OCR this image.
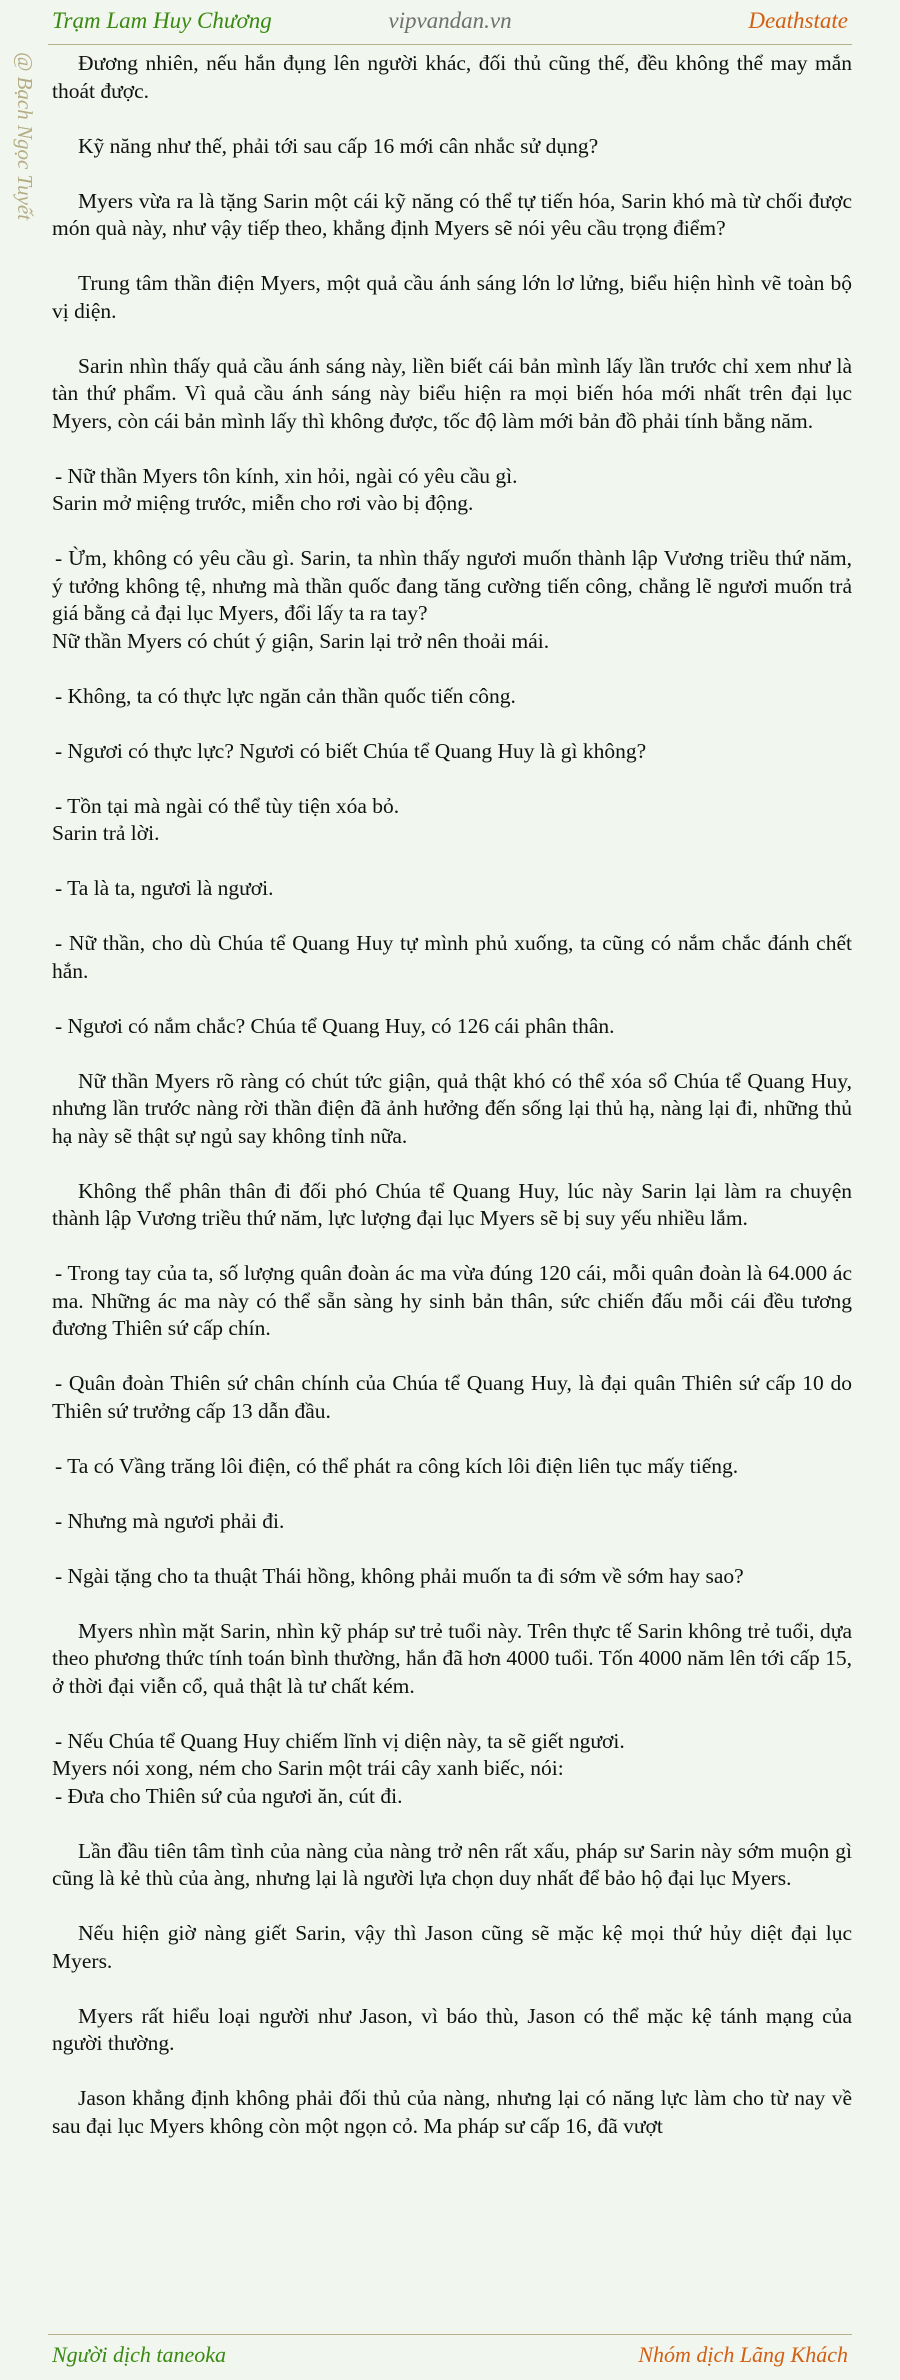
Trạm Lam Huy Chương	vipvandan.vn	Deathstate
@ Bạch Ngọc Tuyết	Đương nhiên, nếu hắn đụng lên người khác, đối thủ cũng thế, đều không thể may mắn thoát được.

Kỹ năng như thế, phải tới sau cấp 16 mới cân nhắc sử dụng?

Myers vừa ra là tặng Sarin một cái kỹ năng có thể tự tiến hóa, Sarin khó mà từ chối được món quà này, như vậy tiếp theo, khẳng định Myers sẽ nói yêu cầu trọng điểm?

Trung tâm thần điện Myers, một quả cầu ánh sáng lớn lơ lửng, biểu hiện hình vẽ toàn bộ vị diện.

Sarin nhìn thấy quả cầu ánh sáng này, liền biết cái bản mình lấy lần trước chỉ xem như là tàn thứ phẩm. Vì quả cầu ánh sáng này biểu hiện ra mọi biến hóa mới nhất trên đại lục Myers, còn cái bản mình lấy thì không được, tốc độ làm mới bản đồ phải tính bằng năm.

- Nữ thần Myers tôn kính, xin hỏi, ngài có yêu cầu gì.

Sarin mở miệng trước, miễn cho rơi vào bị động.

- Ừm, không có yêu cầu gì. Sarin, ta nhìn thấy ngươi muốn thành lập Vương triều thứ năm, ý tưởng không tệ, nhưng mà thần quốc đang tăng cường tiến công, chẳng lẽ ngươi muốn trả giá bằng cả đại lục Myers, đổi lấy ta ra tay?

Nữ thần Myers có chút ý giận, Sarin lại trở nên thoải mái.

- Không, ta có thực lực ngăn cản thần quốc tiến công.

- Ngươi có thực lực? Ngươi có biết Chúa tể Quang Huy là gì không?

- Tồn tại mà ngài có thể tùy tiện xóa bỏ.

Sarin trả lời.

- Ta là ta, ngươi là ngươi.

- Nữ thần, cho dù Chúa tể Quang Huy tự mình phủ xuống, ta cũng có nắm chắc đánh chết hắn.

- Ngươi có nắm chắc? Chúa tể Quang Huy, có 126 cái phân thân.

Nữ thần Myers rõ ràng có chút tức giận, quả thật khó có thể xóa sổ Chúa tể Quang Huy, nhưng lần trước nàng rời thần điện đã ảnh hưởng đến sống lại thủ hạ, nàng lại đi, những thủ hạ này sẽ thật sự ngủ say không tỉnh nữa.

Không thể phân thân đi đối phó Chúa tể Quang Huy, lúc này Sarin lại làm ra chuyện thành lập Vương triều thứ năm, lực lượng đại lục Myers sẽ bị suy yếu nhiều lắm.

- Trong tay của ta, số lượng quân đoàn ác ma vừa đúng 120 cái, mỗi quân đoàn là 64.000 ác ma. Những ác ma này có thể sẵn sàng hy sinh bản thân, sức chiến đấu mỗi cái đều tương đương Thiên sứ cấp chín.

- Quân đoàn Thiên sứ chân chính của Chúa tể Quang Huy, là đại quân Thiên sứ cấp 10 do Thiên sứ trưởng cấp 13 dẫn đầu.

- Ta có Vầng trăng lôi điện, có thể phát ra công kích lôi điện liên tục mấy tiếng.

- Nhưng mà ngươi phải đi.

- Ngài tặng cho ta thuật Thái hồng, không phải muốn ta đi sớm về sớm hay sao?

Myers nhìn mặt Sarin, nhìn kỹ pháp sư trẻ tuổi này. Trên thực tế Sarin không trẻ tuổi, dựa theo phương thức tính toán bình thường, hắn đã hơn 4000 tuổi. Tốn 4000 năm lên tới cấp 15, ở thời đại viễn cổ, quả thật là tư chất kém.

- Nếu Chúa tể Quang Huy chiếm lĩnh vị diện này, ta sẽ giết ngươi.

Myers nói xong, ném cho Sarin một trái cây xanh biếc, nói:

- Đưa cho Thiên sứ của ngươi ăn, cút đi.

Lần đầu tiên tâm tình của nàng của nàng trở nên rất xấu, pháp sư Sarin này sớm muộn gì cũng là kẻ thù của àng, nhưng lại là người lựa chọn duy nhất để bảo hộ đại lục Myers.

Nếu hiện giờ nàng giết Sarin, vậy thì Jason cũng sẽ mặc kệ mọi thứ hủy diệt đại lục Myers.

Myers rất hiểu loại người như Jason, vì báo thù, Jason có thể mặc kệ tánh mạng của người thường.

Jason khẳng định không phải đối thủ của nàng, nhưng lại có năng lực làm cho từ nay về sau đại lục Myers không còn một ngọn cỏ. Ma pháp sư cấp 16, đã vượt

Người dịch taneoka	Nhóm dịch Lãng Khách
